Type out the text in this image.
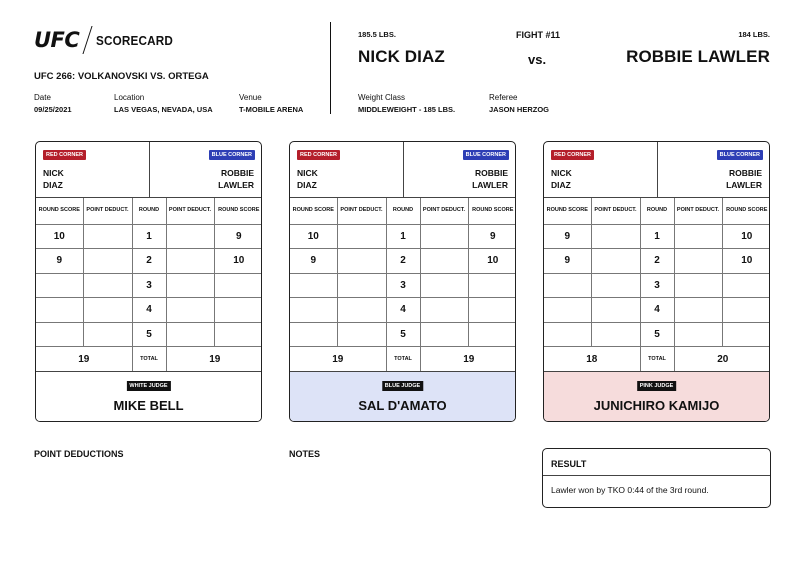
UFC SCORECARD
UFC 266: VOLKANOVSKI VS. ORTEGA
Date
09/25/2021
Location
LAS VEGAS, NEVADA, USA
Venue
T-MOBILE ARENA
185.5 LBS.	FIGHT #11	184 LBS.
NICK DIAZ	vs.	ROBBIE LAWLER
Weight Class
MIDDLEWEIGHT - 185 LBS.
Referee
JASON HERZOG
RED CORNER	BLUE CORNER
NICK
DIAZ
ROBBIE
LAWLER
ROUND SCORE	POINT DEDUCT.	ROUND	POINT DEDUCT.	ROUND SCORE
10		1		9
9		2		10
		3		
		4		
		5		
19		TOTAL	19	
WHITE JUDGE
MIKE BELL
RED CORNER	BLUE CORNER
NICK
DIAZ
ROBBIE
LAWLER
ROUND SCORE	POINT DEDUCT.	ROUND	POINT DEDUCT.	ROUND SCORE
10		1		9
9		2		10
		3		
		4		
		5		
19		TOTAL	19	
BLUE JUDGE
SAL D'AMATO
RED CORNER	BLUE CORNER
NICK
DIAZ
ROBBIE
LAWLER
ROUND SCORE	POINT DEDUCT.	ROUND	POINT DEDUCT.	ROUND SCORE
9		1		10
9		2		10
		3		
		4		
		5		
18		TOTAL	20	
PINK JUDGE
JUNICHIRO KAMIJO
POINT DEDUCTIONS	NOTES
RESULT
Lawler won by TKO 0:44 of the 3rd round.
